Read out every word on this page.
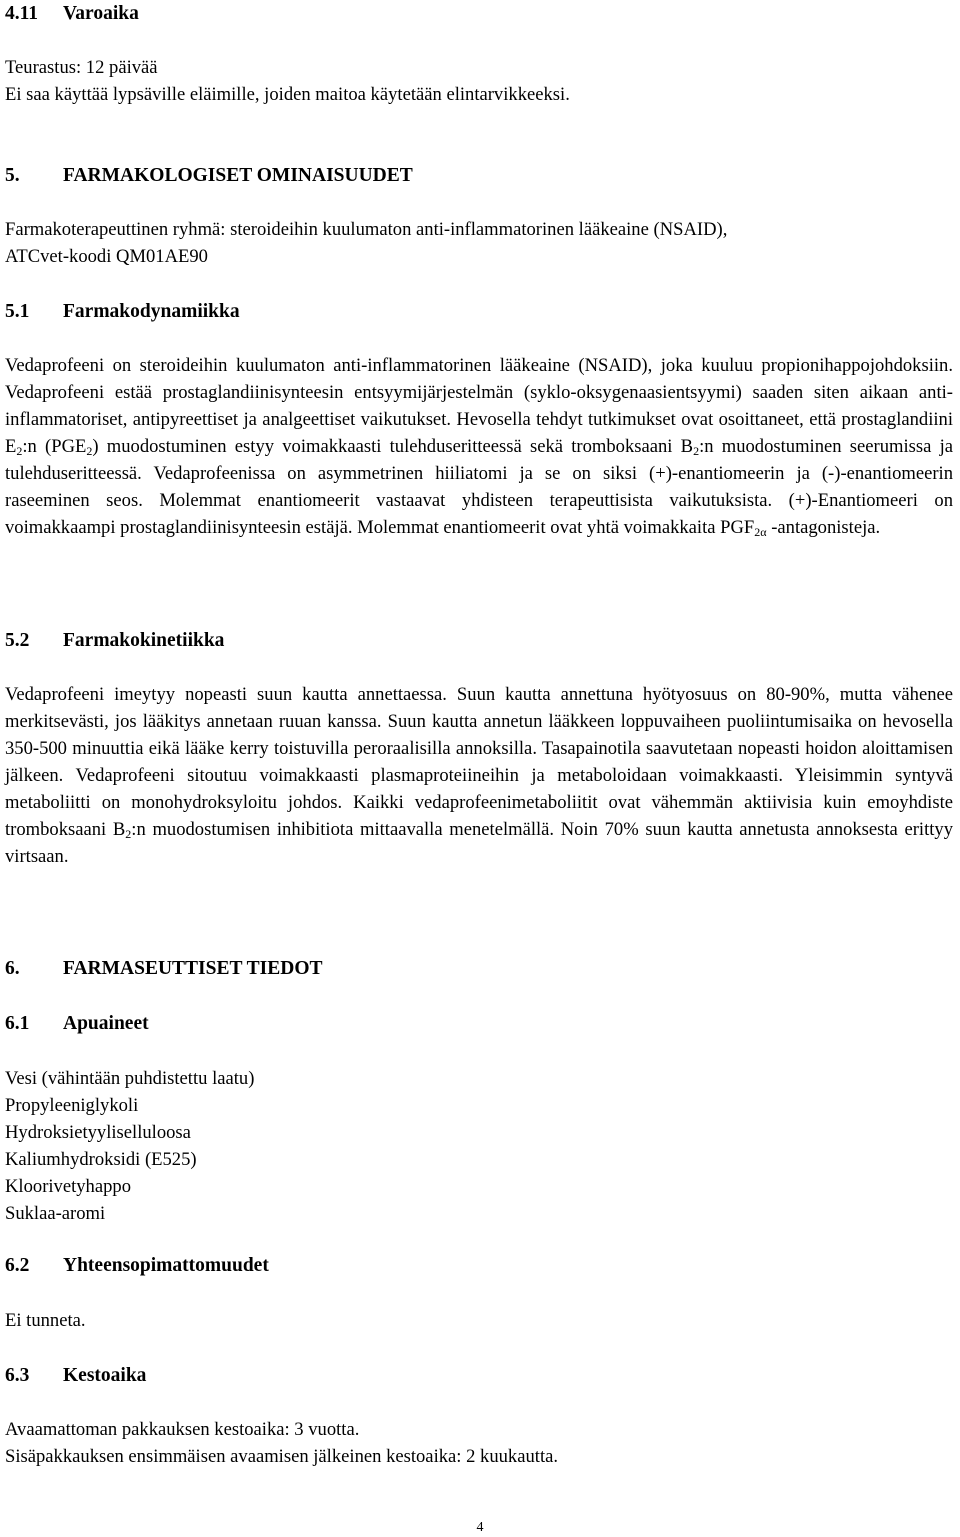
4.11 Varoaika
Teurastus: 12 päivää
Ei saa käyttää lypsäville eläimille, joiden maitoa käytetään elintarvikkeeksi.
5. FARMAKOLOGISET OMINAISUUDET
Farmakoterapeuttinen ryhmä: steroideihin kuulumaton anti-inflammatorinen lääkeaine (NSAID),
ATCvet-koodi QM01AE90
5.1 Farmakodynamiikka

Vedaprofeeni on steroideihin kuulumaton anti-inflammatorinen lääkeaine (NSAID), joka kuuluu propionihappojohdoksiin. Vedaprofeeni estää prostaglandiinisynteesin entsyymijärjestelmän (syklo-oksygenaasientsyymi) saaden siten aikaan anti-inflammatoriset, antipyreettiset ja analgeettiset vaikutukset. Hevosella tehdyt tutkimukset ovat osoittaneet, että prostaglandiini $E_2:n$ $(PGE_2)$ muodostuminen estyy voimakkaasti tulehduseritteessä sekä tromboksaani $B_2:n$ muodostuminen seerumissa ja tulehduseritteessä. Vedaprofeenissa on asymmetrinen hiiliatomi ja se on siksi (+)-enantiomeerin ja (-)-enantiomeerin raseeminen seos. Molemmat enantiomeerit vastaavat yhdisteen terapeuttisista vaikutuksista. (+)-Enantiomeeri on voimakkaampi prostaglandiinisynteesin estäjä. Molemmat enantiomeerit ovat yhtä voimakkaita $PGF_{2\alpha}$ -antagonisteja.

5.2 Farmakokinetiikka

Vedaprofeeni imeytyy nopeasti suun kautta annettaessa. Suun kautta annettuna hyötyosuus on 80-90%, mutta vähenee merkitsevästi, jos lääkitys annetaan ruuan kanssa. Suun kautta annetun lääkkeen loppuvaiheen puoliintumisaika on hevosella 350-500 minuuttia eikä lääke kerry toistuvilla peroraalisilla annoksilla. Tasapainotila saavutetaan nopeasti hoidon aloittamisen jälkeen. Vedaprofeeni sitoutuu voimakkaasti plasmaproteiineihin ja metaboloidaan voimakkaasti. Yleisimmin syntyvä metaboliitti on monohydroksyloitu johdos. Kaikki vedaprofeenimetaboliitit ovat vähemmän aktiivisia kuin emoyhdiste tromboksaani $B_2:n$ muodostumisen inhibitiota mittaavalla menetelmällä. Noin 70% suun kautta annetusta annoksesta erittyy virtsaan.

6. FARMASEUTTISET TIEDOT
6.1 Apuaineet
Vesi (vähintään puhdistettu laatu)
Propyleeniglykoli
Hydroksietyyliselluloosa
Kaliumhydroksidi (E525)
Kloorivetyhappo
Suklaa-aromi
6.2 Yhteensopimattomuudet
Ei tunneta.
6.3 Kestoaika
Avaamattoman pakkauksen kestoaika: 3 vuotta.
Sisäpakkauksen ensimmäisen avaamisen jälkeinen kestoaika: 2 kuukautta.
4
